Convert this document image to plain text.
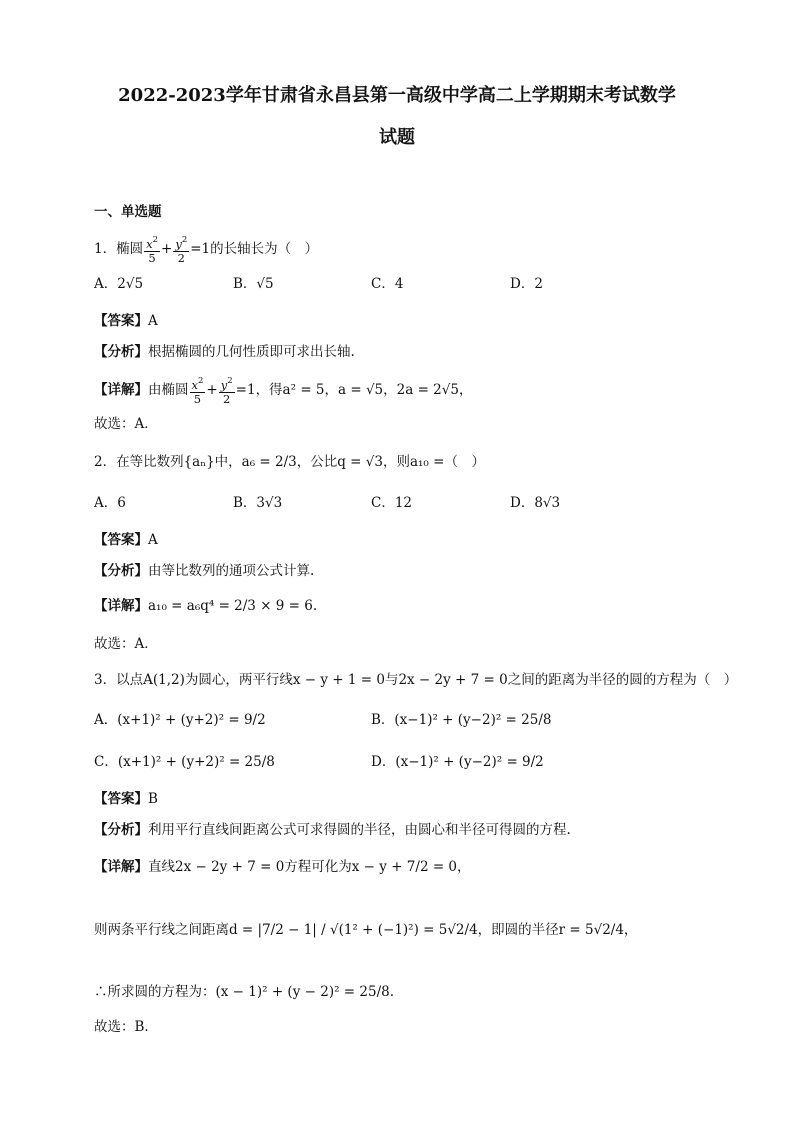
2022-2023学年甘肃省永昌县第一高级中学高二上学期期末考试数学
试题
一、单选题
1．椭圆 $\frac{x^2}{5} + \frac{y^2}{2} =1$的长轴长为（　）
A．2√5	B．√5	C．4	D．2
【答案】A
【分析】根据椭圆的几何性质即可求出长轴.
【详解】由椭圆 $\frac{x^2}{5} + \frac{y^2}{2} =1$，得a² = 5，a = √5，2a = 2√5，
故选：A．
2．在等比数列{aₙ}中，a₆ = 2/3，公比q = √3，则a₁₀ =（　）
A．6	B．3√3	C．12	D．8√3
【答案】A
【分析】由等比数列的通项公式计算.
【详解】a₁₀ = a₆q⁴ = 2/3 × 9 = 6.
故选：A．
3．以点A(1,2)为圆心，两平行线x − y + 1 = 0与2x − 2y + 7 = 0之间的距离为半径的圆的方程为（　）
A．(x+1)² + (y+2)² = 9/2	B．(x−1)² + (y−2)² = 25/8
C．(x+1)² + (y+2)² = 25/8	D．(x−1)² + (y−2)² = 9/2
【答案】B
【分析】利用平行直线间距离公式可求得圆的半径，由圆心和半径可得圆的方程.
【详解】直线2x − 2y + 7 = 0方程可化为x − y + 7/2 = 0，
则两条平行线之间距离d = |7/2 − 1| / √(1² + (−1)²) = 5√2/4，即圆的半径r = 5√2/4，
∴所求圆的方程为：(x − 1)² + (y − 2)² = 25/8.
故选：B.
